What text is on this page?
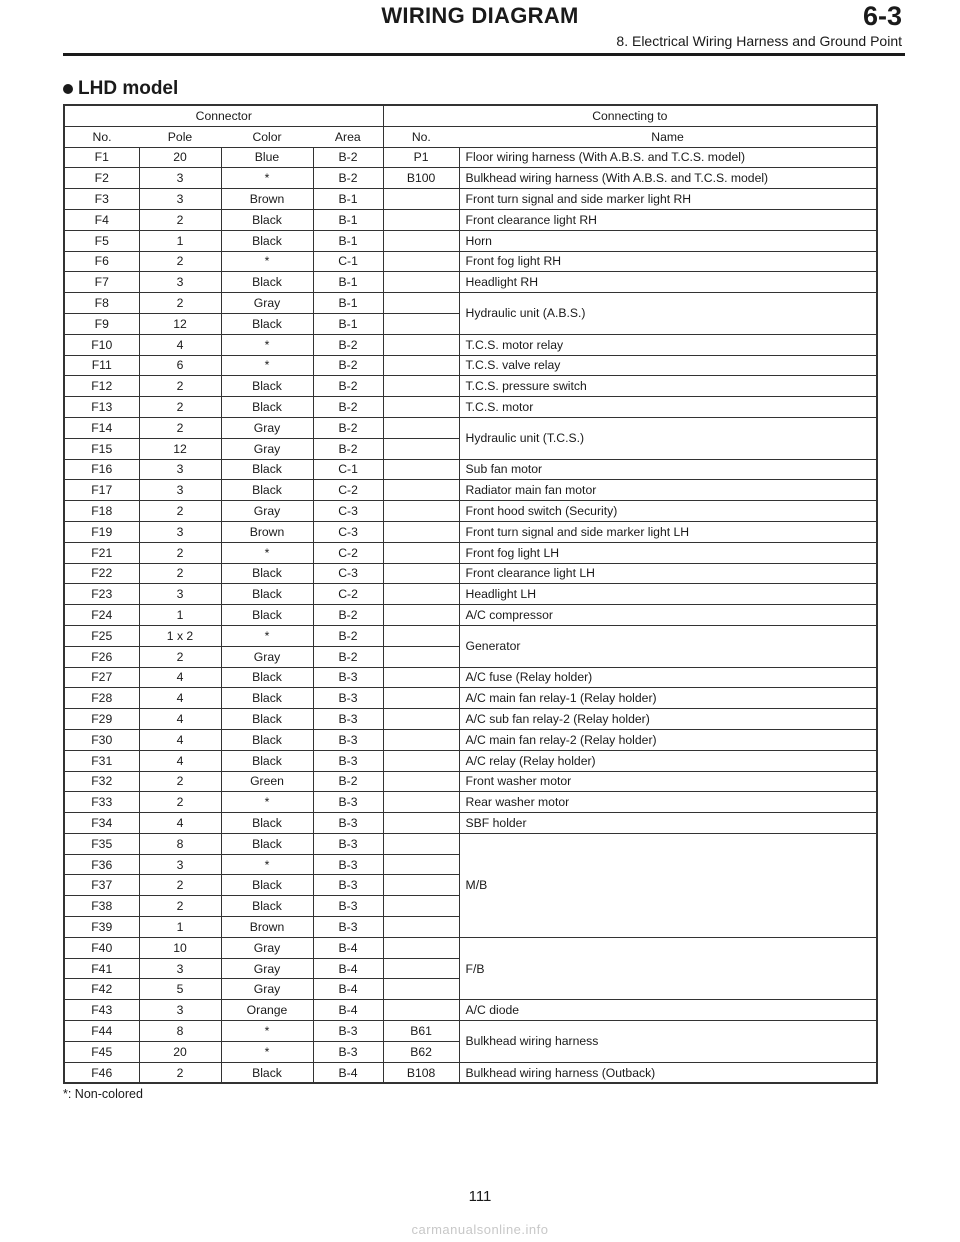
WIRING DIAGRAM	6-3
8. Electrical Wiring Harness and Ground Point
LHD model
Connector				Connecting to	
No.	Pole	Color	Area	No.	Name
F1	20	Blue	B-2	P1	Floor wiring harness (With A.B.S. and T.C.S. model)
F2	3	*	B-2	B100	Bulkhead wiring harness (With A.B.S. and T.C.S. model)
F3	3	Brown	B-1		Front turn signal and side marker light RH
F4	2	Black	B-1		Front clearance light RH
F5	1	Black	B-1		Horn
F6	2	*	C-1		Front fog light RH
F7	3	Black	B-1		Headlight RH
F8	2	Gray	B-1		Hydraulic unit (A.B.S.)
F9	12	Black	B-1		
F10	4	*	B-2		T.C.S. motor relay
F11	6	*	B-2		T.C.S. valve relay
F12	2	Black	B-2		T.C.S. pressure switch
F13	2	Black	B-2		T.C.S. motor
F14	2	Gray	B-2		Hydraulic unit (T.C.S.)
F15	12	Gray	B-2		
F16	3	Black	C-1		Sub fan motor
F17	3	Black	C-2		Radiator main fan motor
F18	2	Gray	C-3		Front hood switch (Security)
F19	3	Brown	C-3		Front turn signal and side marker light LH
F21	2	*	C-2		Front fog light LH
F22	2	Black	C-3		Front clearance light LH
F23	3	Black	C-2		Headlight LH
F24	1	Black	B-2		A/C compressor
F25	1 x 2	*	B-2		Generator
F26	2	Gray	B-2		
F27	4	Black	B-3		A/C fuse (Relay holder)
F28	4	Black	B-3		A/C main fan relay-1 (Relay holder)
F29	4	Black	B-3		A/C sub fan relay-2 (Relay holder)
F30	4	Black	B-3		A/C main fan relay-2 (Relay holder)
F31	4	Black	B-3		A/C relay (Relay holder)
F32	2	Green	B-2		Front washer motor
F33	2	*	B-3		Rear washer motor
F34	4	Black	B-3		SBF holder
F35	8	Black	B-3		M/B
F36	3	*	B-3		
F37	2	Black	B-3		
F38	2	Black	B-3		
F39	1	Brown	B-3		
F40	10	Gray	B-4		F/B
F41	3	Gray	B-4		
F42	5	Gray	B-4		
F43	3	Orange	B-4		A/C diode
F44	8	*	B-3	B61	Bulkhead wiring harness
F45	20	*	B-3	B62	
F46	2	Black	B-4	B108	Bulkhead wiring harness (Outback)
*: Non-colored
111
carmanualsonline.info
